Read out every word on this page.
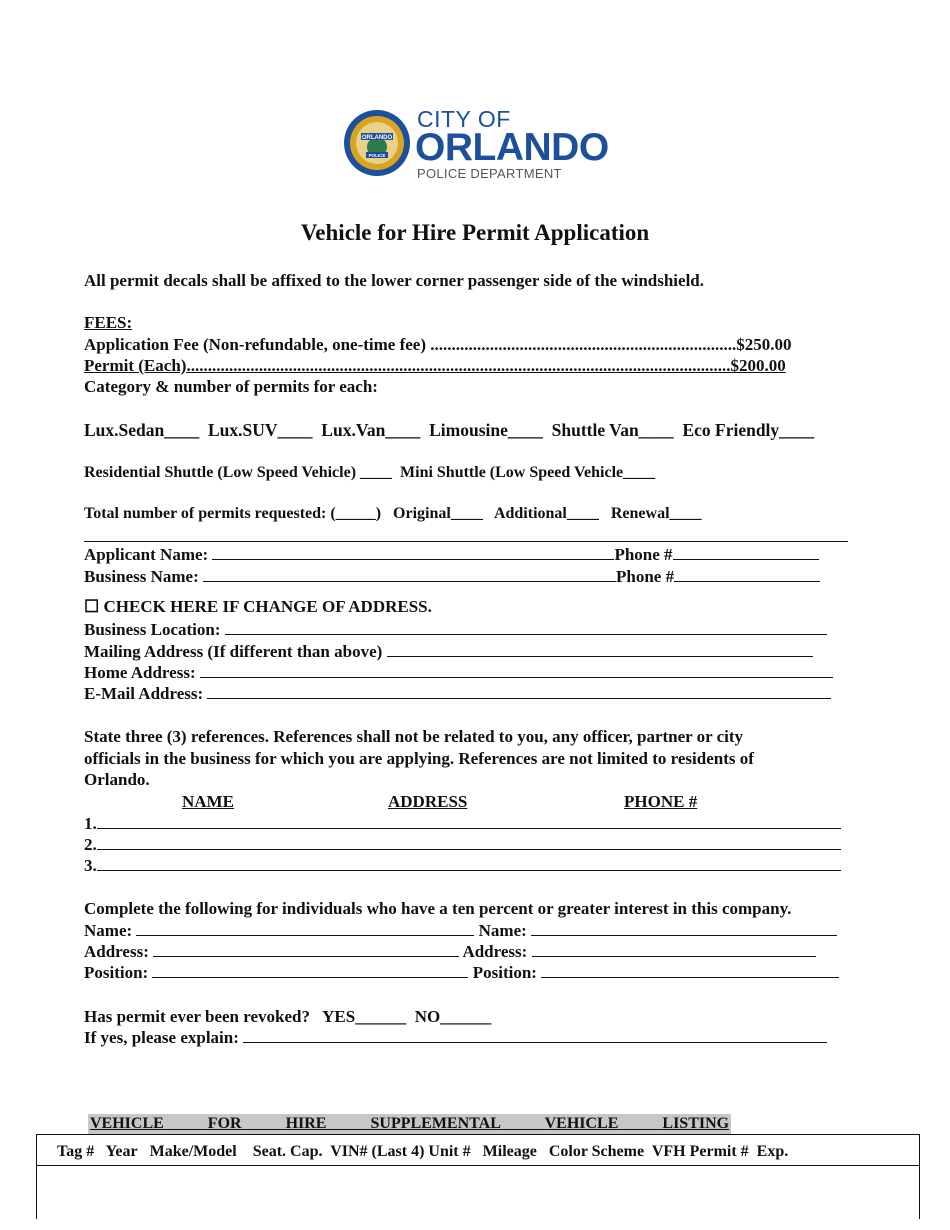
ORLANDO
POLICE
CITY OF
ORLANDO
POLICE DEPARTMENT
Vehicle for Hire Permit Application
All permit decals shall be affixed to the lower corner passenger side of the windshield.
FEES:
Application Fee (Non-refundable, one-time fee) ........................................................................$250.00
Permit (Each)................................................................................................................................$200.00
Category & number of permits for each:
Lux.Sedan____ Lux.SUV____ Lux.Van____ Limousine____ Shuttle Van____ Eco Friendly____
Residential Shuttle (Low Speed Vehicle) ____ Mini Shuttle (Low Speed Vehicle____
Total number of permits requested: (_____) Original____ Additional____ Renewal____
Applicant Name:	Phone #
Business Name:	Phone #
☐ CHECK HERE IF CHANGE OF ADDRESS.
Business Location:
Mailing Address (If different than above)
Home Address:
E-Mail Address:
State three (3) references. References shall not be related to you, any officer, partner or city
officials in the business for which you are applying. References are not limited to residents of
Orlando.
NAME	ADDRESS	PHONE #
1.
2.
3.
Complete the following for individuals who have a ten percent or greater interest in this company.
Name:	Name:
Address:	Address:
Position:	Position:
Has permit ever been revoked? YES______ NO______
If yes, please explain:
VEHICLE	FOR	HIRE	SUPPLEMENTAL	VEHICLE	LISTING
Tag # Year Make/Model Seat. Cap. VIN# (Last 4) Unit # Mileage Color Scheme VFH Permit # Exp.
